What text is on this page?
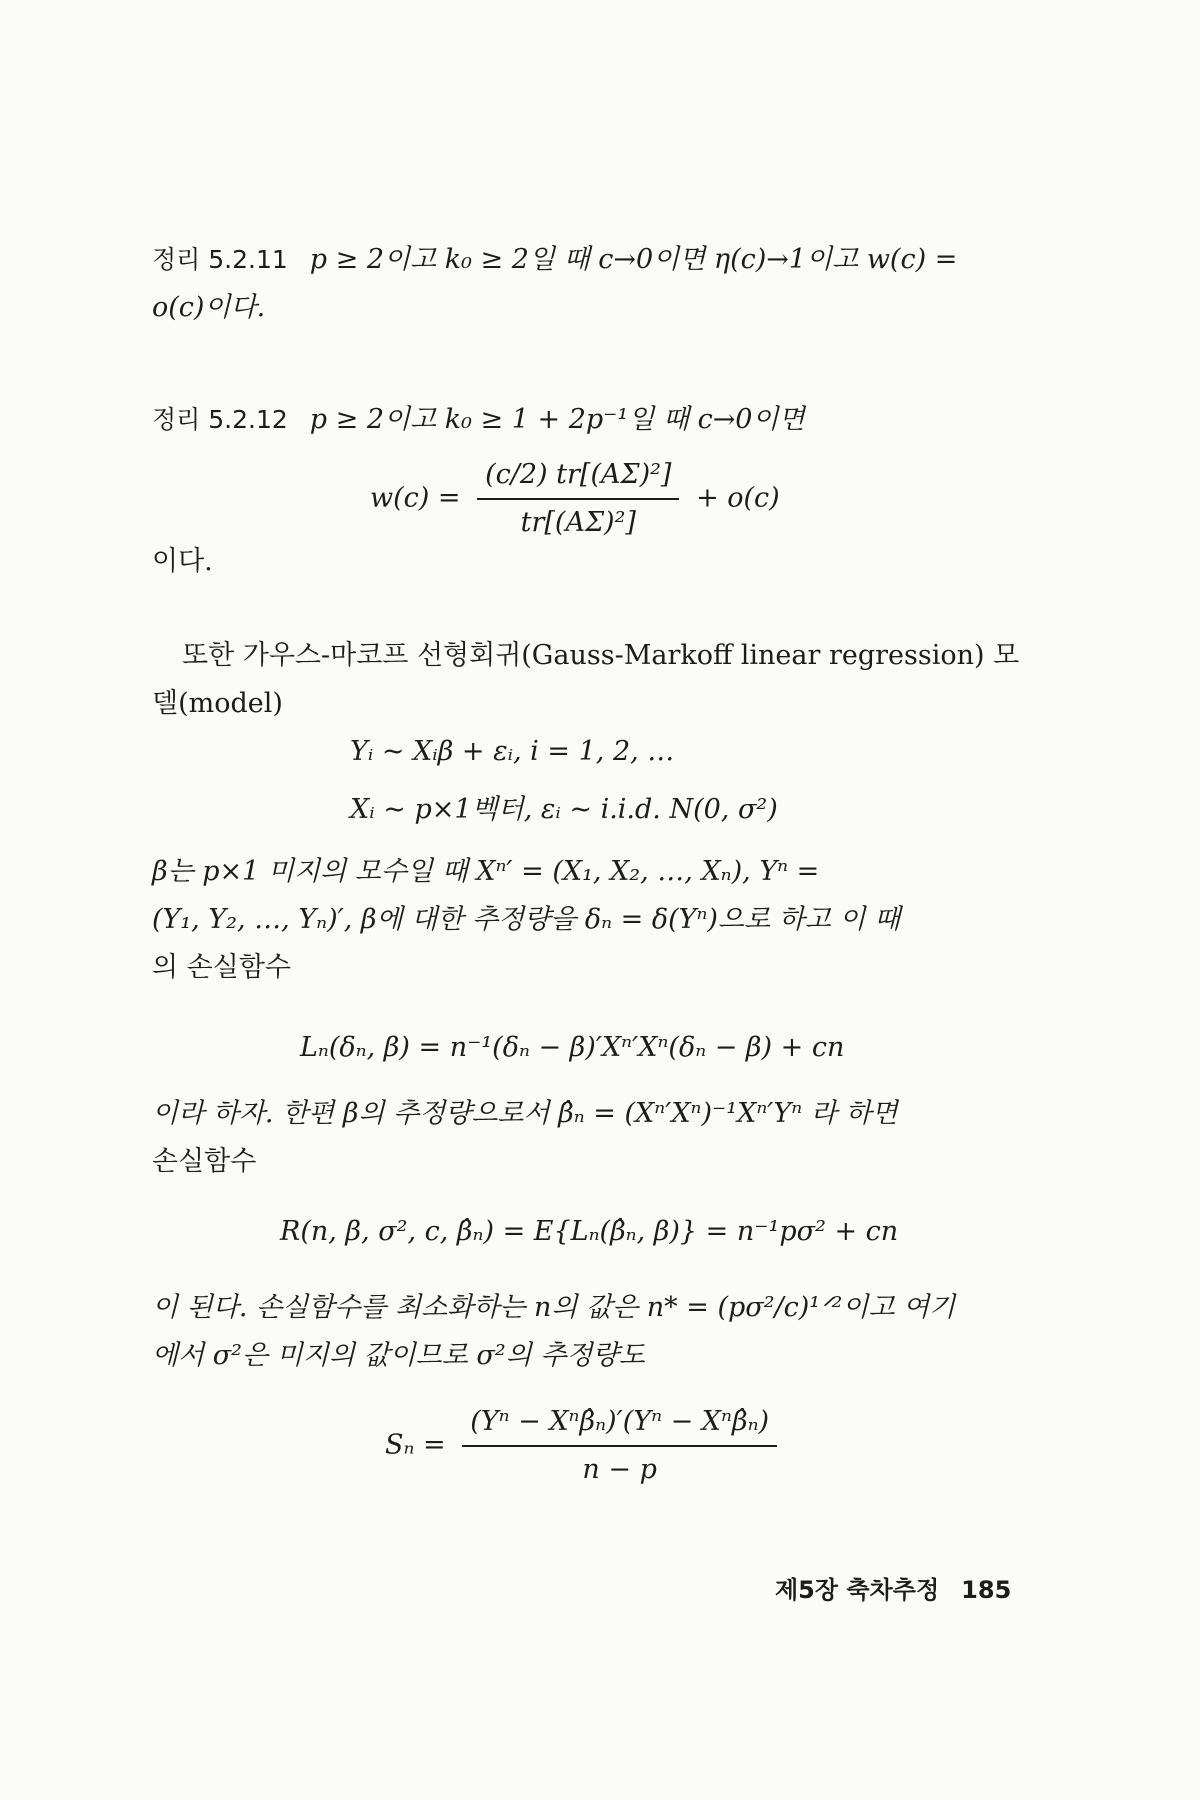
정리 5.2.11 p ≥ 2이고 k₀ ≥ 2일 때 c→0이면 η(c)→1이고 w(c) =
o(c)이다.
정리 5.2.12 p ≥ 2이고 k₀ ≥ 1 + 2p⁻¹일 때 c→0이면
$w(c) = \frac{\text{(c/2) tr[(AΣ)²]}}{\text{tr[(AΣ)²]}} + o(c)$
이다.
또한 가우스-마코프 선형회귀(Gauss-Markoff linear regression) 모
델(model)
Yᵢ ~ Xᵢβ + εᵢ, i = 1, 2, …
Xᵢ ~ p×1벡터, εᵢ ~ i.i.d. N(0, σ²)
β는 p×1 미지의 모수일 때 Xⁿ′ = (X₁, X₂, …, Xₙ), Yⁿ =
(Y₁, Y₂, …, Yₙ)′, β에 대한 추정량을 δₙ = δ(Yⁿ)으로 하고 이 때
의 손실함수
Lₙ(δₙ, β) = n⁻¹(δₙ − β)′Xⁿ′Xⁿ(δₙ − β) + cn
이라 하자. 한편 β의 추정량으로서 β̂ₙ = (Xⁿ′Xⁿ)⁻¹Xⁿ′Yⁿ 라 하면
손실함수
R(n, β, σ², c, β̂ₙ) = E{Lₙ(β̂ₙ, β)} = n⁻¹pσ² + cn
이 된다. 손실함수를 최소화하는 n의 값은 n* = (pσ²/c)¹ᐟ²이고 여기
에서 σ²은 미지의 값이므로 σ²의 추정량도
$S_n = \frac{\text{(Yⁿ − Xⁿβ̂ₙ)′(Yⁿ − Xⁿβ̂ₙ)}}{n - p}$
제5장 축차추정 185
